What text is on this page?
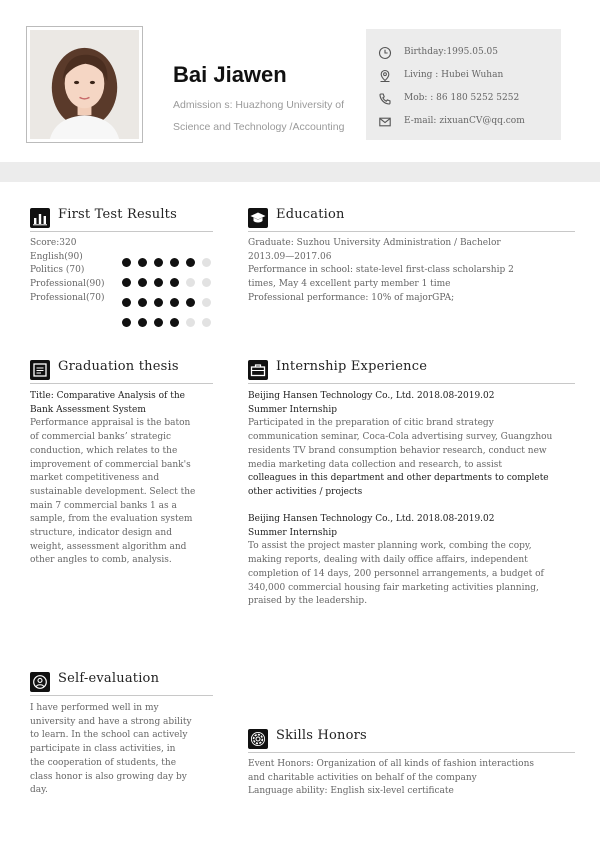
Bai Jiawen
Admission s: Huazhong University of Science and Technology /Accounting
Birthday:1995.05.05
Living : Hubei Wuhan
Mob: : 86 180 5252 5252
E-mail: zixuanCV@qq.com
First Test Results
Score:320
English(90)
Politics (70)
Professional(90)
Professional(70)
Education
Graduate: Suzhou University Administration / Bachelor
2013.09—2017.06
Performance in school: state-level first-class scholarship 2
times, May 4 excellent party member 1 time
Professional performance: 10% of majorGPA;
Graduation thesis
Title: Comparative Analysis of the
Bank Assessment System
Performance appraisal is the baton
of commercial banks’ strategic
conduction, which relates to the
improvement of commercial bank's
market competitiveness and
sustainable development. Select the
main 7 commercial banks 1 as a
sample, from the evaluation system
structure, indicator design and
weight, assessment algorithm and
other angles to comb, analysis.
Internship Experience
Beijing Hansen Technology Co., Ltd. 2018.08-2019.02
Summer Internship
Participated in the preparation of citic brand strategy
communication seminar, Coca-Cola advertising survey, Guangzhou
residents TV brand consumption behavior research, conduct new
media marketing data collection and research, to assist
colleagues in this department and other departments to complete
other activities / projects
Beijing Hansen Technology Co., Ltd. 2018.08-2019.02
Summer Internship
To assist the project master planning work, combing the copy,
making reports, dealing with daily office affairs, independent
completion of 14 days, 200 personnel arrangements, a budget of
340,000 commercial housing fair marketing activities planning,
praised by the leadership.
Self-evaluation
I have performed well in my
university and have a strong ability
to learn. In the school can actively
participate in class activities, in
the cooperation of students, the
class honor is also growing day by
day.
Skills Honors
Event Honors: Organization of all kinds of fashion interactions
and charitable activities on behalf of the company
Language ability: English six-level certificate
